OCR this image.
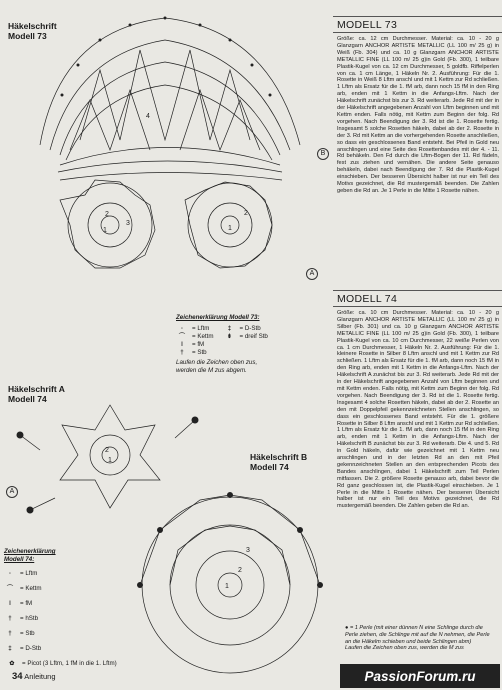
Häkelschrift
Modell 73
2
1
3
1
2
4
B
A
Zeichenerklärung Modell 73:
◦	= Lftm
⌒	= Kettm
ǀ	= fM
†	= Stb
‡	= D-Stb
⇟	= dreif Stb
Laufen die Zeichen oben zus,
werden die M zus abgem.
Häkelschrift A
Modell 74
Häkelschrift B
Modell 74
2
1
1
2
3
A
Zeichenerklärung
Modell 74:
◦	= Lftm
⌒	= Kettm
ǀ	= fM
†	= hStb
†	= Stb
‡	= D-Stb
✿	= Picot (3 Lftm, 1 fM in die 1. Lftm)
MODELL 73
Größe: ca. 12 cm Durchmesser. Material: ca. 10 - 20 g Glanzgarn ANCHOR ARTISTE METALLIC (LL 100 m/ 25 g) in Weiß (Fb. 304) und ca. 10 g Glanzgarn ANCHOR ARTISTE METALLIC FINE (LL 100 m/ 25 g)in Gold (Fb. 300), 1 teilbare Plastik-Kugel von ca. 12 cm Durchmesser, 5 goldfb. Riffelperlen von ca. 1 cm Länge, 1 Häkeln Nr. 2. Ausführung: Für die 1. Rosette in Weiß 8 Lftm anschl und mit 1 Kettm zur Rd schließen. 1 Lftm als Ersatz für die 1. fM arb, dann noch 15 fM in den Ring arb, enden mit 1 Kettm in die Anfangs-Lftm. Nach der Häkelschrift zunächst bis zur 3. Rd weiterarb. Jede Rd mit der in der Häkelschrift angegebenen Anzahl von Lftm beginnen und mit Kettm enden. Falls nötig, mit Kettm zum Beginn der folg. Rd vorgehen. Nach Beendigung der 3. Rd ist die 1. Rosette fertig. Insgesamt 5 solche Rosetten häkeln, dabei ab der 2. Rosette in der 3. Rd mit Kettm an die vorhergehenden Rosette anschließen, so dass ein geschlossenes Band entsteht. Bei Pfeil in Gold neu anschlingen und eine Seite des Rosettenbandes mit der 4. - 11. Rd behäkeln. Den Fd durch die Lftm-Bogen der 11. Rd fädeln, fest zus ziehen und vernähen. Die andere Seite genauso behäkeln, dabei nach Beendigung der 7. Rd die Plastik-Kugel einschieben. Der besseren Übersicht halber ist nur ein Teil des Motivs gezeichnet, die Rd mustergemäß beenden. Die Zahlen geben die Rd an. Je 1 Perle in die Mitte 1 Rosette nähen.
MODELL 74
Größe: ca. 10 cm Durchmesser. Material: ca. 10 - 20 g Glanzgarn ANCHOR ARTISTE METALLIC (LL 100 m/ 25 g) in Silber (Fb. 301) und ca. 10 g Glanzgarn ANCHOR ARTISTE METALLIC FINE (LL 100 m/ 25 g)in Gold (Fb. 300), 1 teilbare Plastik-Kugel von ca. 10 cm Durchmesser, 22 weiße Perlen von ca. 1 cm Durchmesser, 1 Häkeln Nr. 2. Ausführung: Für die 1. kleinere Rosette in Silber 8 Lftm anschl und mit 1 Kettm zur Rd schließen. 1 Lftm als Ersatz für die 1. fM arb, dann noch 15 fM in den Ring arb, enden mit 1 Kettm in die Anfangs-Lftm. Nach der Häkelschrift A zunächst bis zur 3. Rd weiterarb. Jede Rd mit der in der Häkelschrift angegebenen Anzahl von Lftm beginnen und mit Kettm enden. Falls nötig, mit Kettm zum Beginn der folg. Rd vorgehen. Nach Beendigung der 3. Rd ist die 1. Rosette fertig. Insgesamt 4 solche Rosetten häkeln, dabei ab der 2. Rosette an den mit Doppelpfeil gekennzeichneten Stellen anschlingen, so dass ein geschlossenes Band entsteht. Für die 1. größere Rosette in Silber 8 Lftm anschl und mit 1 Kettm zur Rd schließen. 1 Lftm als Ersatz für die 1. fM arb, dann noch 15 fM in den Ring arb, enden mit 1 Kettm in die Anfangs-Lftm. Nach der Häkelschrift B zunächst bis zur 3. Rd weiterarb. Die 4. und 5. Rd in Gold häkeln, dafür wie gezeichnet mit 1 Kettm neu anschlingen und in der letzten Rd an den mit Pfeil gekennzeichneten Stellen an den entsprechenden Picots des Bandes anschlingen, dabei 1 Häkelschrift zum Teil Perlen mitfassen. Die 2. größere Rosette genauso arb, dabei bevor die Rd ganz geschlossen ist, die Plastik-Kugel einschieben. Je 1 Perle in die Mitte 1 Rosette nähen. Der besseren Übersicht halber ist nur ein Teil des Motivs gezeichnet, die Rd mustergemäß beenden. Die Zahlen geben die Rd an.
● = 1 Perle (mit einer dünnen N eine Schlinge durch die Perle ziehen, die Schlinge mit auf die N nehmen, die Perle an die Häkelm schieben und beide Schlingen abm)
Laufen die Zeichen oben zus, werden die M zus
34 Anleitung	PassionForum.ru
